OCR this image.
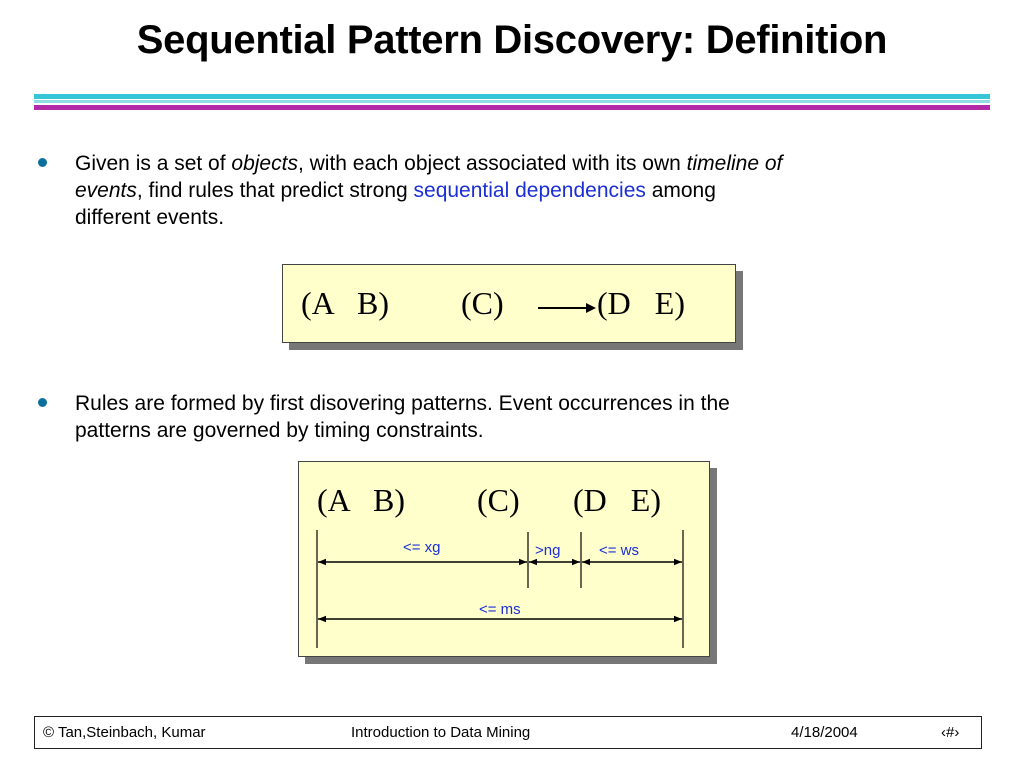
Sequential Pattern Discovery: Definition
Given is a set of objects, with each object associated with its own timeline of
events, find rules that predict strong sequential dependencies among
different events.
(A   B) (C)	(D   E)
Rules are formed by first disovering patterns. Event occurrences in the
patterns are governed by timing constraints.
(A   B) (C) (D   E)
<= xg	>ng	<= ws
<= ms
© Tan,Steinbach, Kumar	Introduction to Data Mining	4/18/2004	‹#›
